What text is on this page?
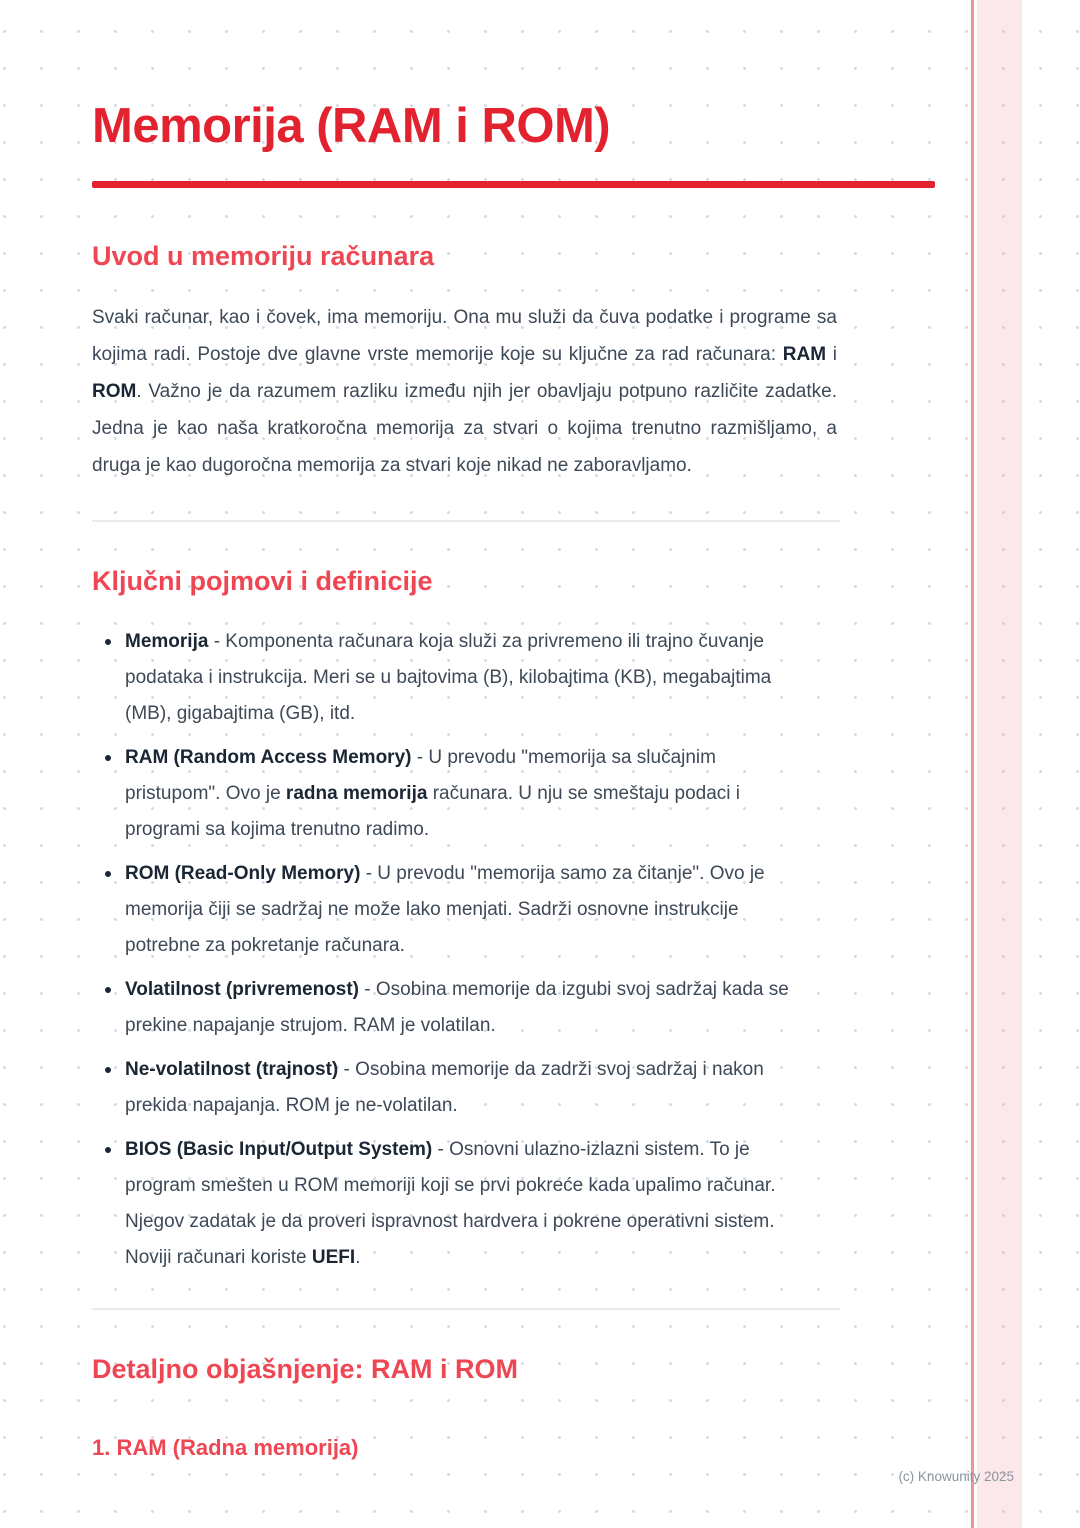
Memorija (RAM i ROM)
Uvod u memoriju računara

Svaki računar, kao i čovek, ima memoriju. Ona mu služi da čuva podatke i programe sa kojima radi. Postoje dve glavne vrste memorije koje su ključne za rad računara: RAM i ROM. Važno je da razumem razliku između njih jer obavljaju potpuno različite zadatke. Jedna je kao naša kratkoročna memorija za stvari o kojima trenutno razmišljamo, a druga je kao dugoročna memorija za stvari koje nikad ne zaboravljamo.

Ključni pojmovi i definicije
Memorija - Komponenta računara koja služi za privremeno ili trajno čuvanje podataka i instrukcija. Meri se u bajtovima (B), kilobajtima (KB), megabajtima (MB), gigabajtima (GB), itd.
RAM (Random Access Memory) - U prevodu "memorija sa slučajnim pristupom". Ovo je radna memorija računara. U nju se smeštaju podaci i programi sa kojima trenutno radimo.
ROM (Read-Only Memory) - U prevodu "memorija samo za čitanje". Ovo je memorija čiji se sadržaj ne može lako menjati. Sadrži osnovne instrukcije potrebne za pokretanje računara.
Volatilnost (privremenost) - Osobina memorije da izgubi svoj sadržaj kada se prekine napajanje strujom. RAM je volatilan.
Ne-volatilnost (trajnost) - Osobina memorije da zadrži svoj sadržaj i nakon prekida napajanja. ROM je ne-volatilan.
BIOS (Basic Input/Output System) - Osnovni ulazno-izlazni sistem. To je program smešten u ROM memoriji koji se prvi pokreće kada upalimo računar. Njegov zadatak je da proveri ispravnost hardvera i pokrene operativni sistem. Noviji računari koriste UEFI.
Detaljno objašnjenje: RAM i ROM
1. RAM (Radna memorija)
(c) Knowunity 2025
